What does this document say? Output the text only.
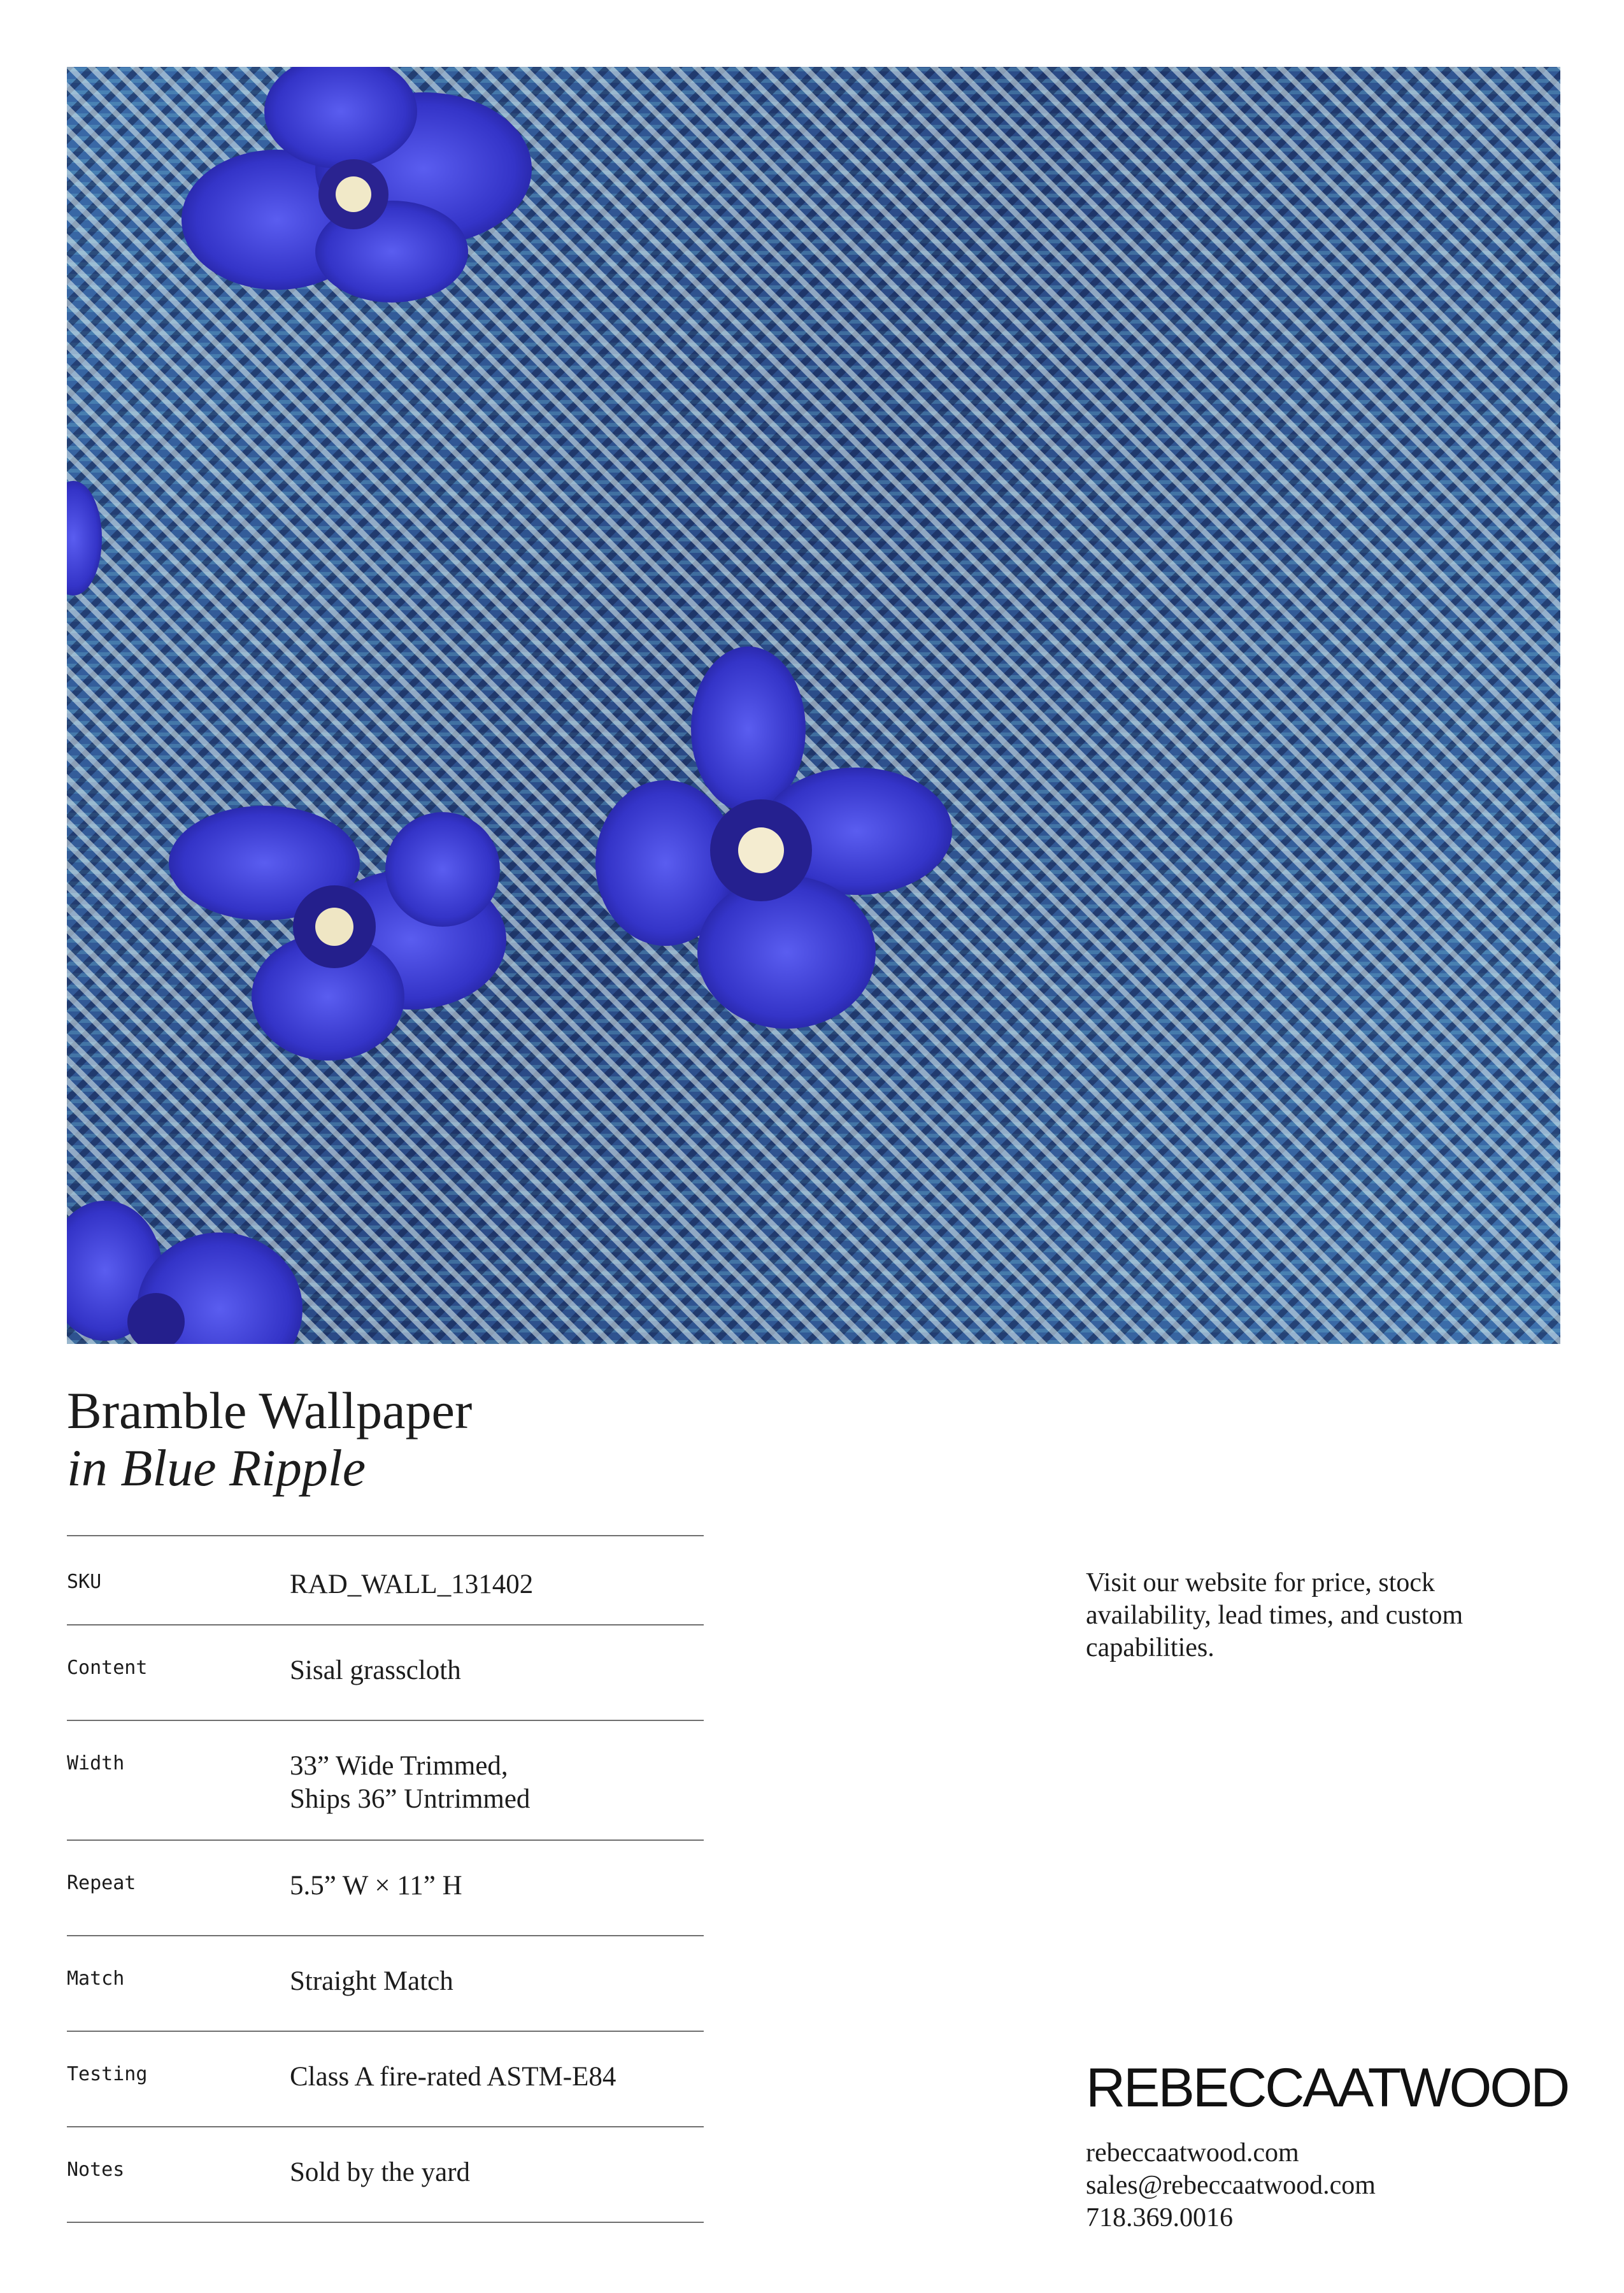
Bramble Wallpaper
in Blue Ripple
SKU	RAD_WALL_131402
Content	Sisal grasscloth
Width	33” Wide Trimmed,
Ships 36” Untrimmed
Repeat	5.5” W × 11” H
Match	Straight Match
Testing	Class A fire-rated ASTM-E84
Notes	Sold by the yard
Visit our website for price, stock availability, lead times, and custom capabilities.
REBECCAATWOOD
rebeccaatwood.com
sales@rebeccaatwood.com
718.369.0016
